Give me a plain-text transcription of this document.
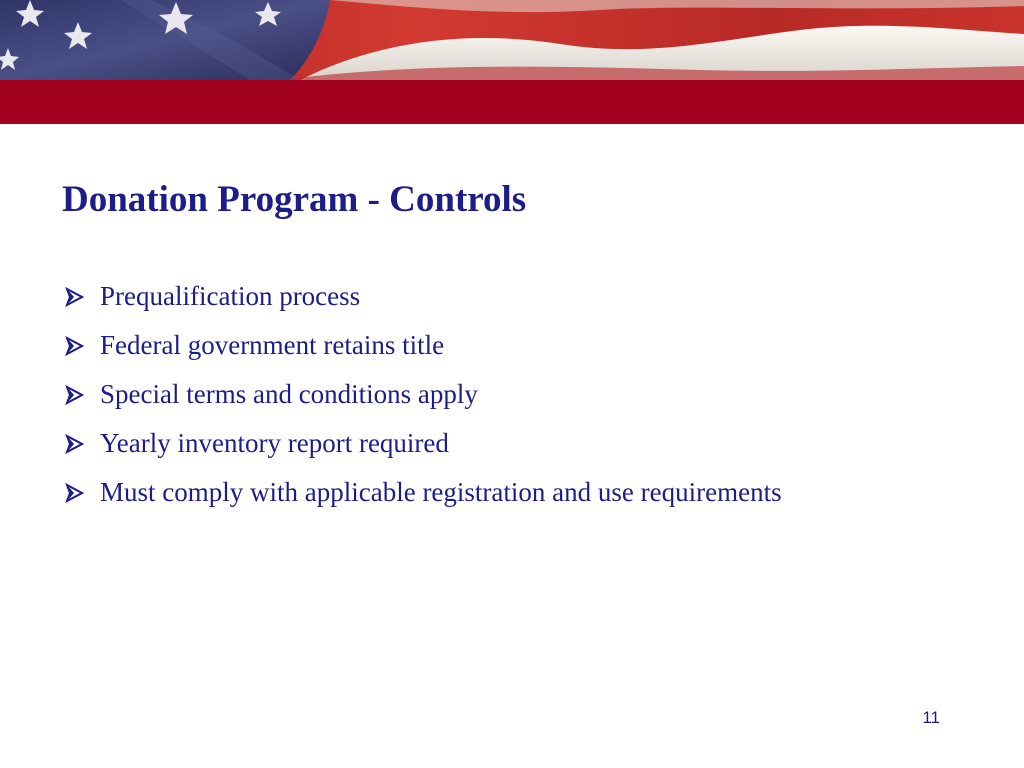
Donation Program - Controls
Prequalification process
Federal government retains title
Special terms and conditions apply
Yearly inventory report required
Must comply with applicable registration and use requirements
11
